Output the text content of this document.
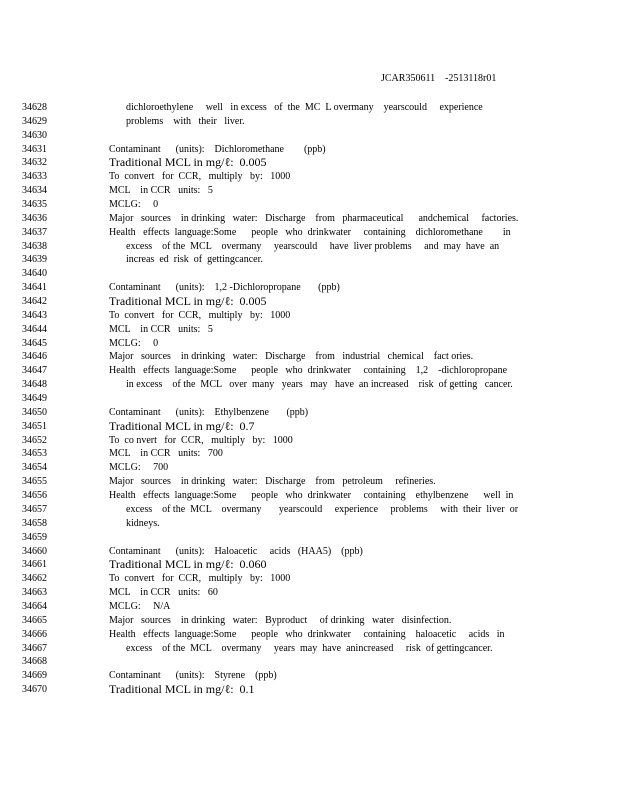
JCAR350611    -2513118r01
34628	dichloroethylene     well   in excess   of  the  MC  L overmany    yearscould     experience
34629	problems    with   their   liver.
34630
34631	Contaminant      (units):    Dichloromethane        (ppb)
34632	Traditional MCL in mg/ℓ:  0.005
34633	To  convert   for  CCR,   multiply   by:   1000
34634	MCL    in CCR   units:   5
34635	MCLG:     0
34636	Major   sources    in drinking   water:   Discharge    from   pharmaceutical      andchemical     factories.
34637	Health   effects  language:Some      people   who  drinkwater     containing    dichloromethane        in
34638	excess    of the  MCL    overmany     yearscould     have  liver problems     and  may  have  an
34639	increas  ed  risk  of  gettingcancer.
34640
34641	Contaminant      (units):    1,2 -Dichloropropane       (ppb)
34642	Traditional MCL in mg/ℓ:  0.005
34643	To  convert   for  CCR,   multiply   by:   1000
34644	MCL    in CCR   units:   5
34645	MCLG:     0
34646	Major   sources    in drinking   water:   Discharge    from   industrial   chemical    fact ories.
34647	Health   effects  language:Some      people   who  drinkwater     containing    1,2    -dichloropropane
34648	in excess    of the  MCL   over  many   years   may   have  an increased    risk  of getting   cancer.
34649
34650	Contaminant      (units):    Ethylbenzene       (ppb)
34651	Traditional MCL in mg/ℓ:  0.7
34652	To  co nvert   for  CCR,   multiply   by:   1000
34653	MCL    in CCR   units:   700
34654	MCLG:     700
34655	Major   sources    in drinking   water:   Discharge    from   petroleum     refineries.
34656	Health   effects  language:Some      people   who  drinkwater     containing    ethylbenzene      well  in
34657	excess    of the  MCL    overmany       yearscould     experience     problems     with  their  liver  or
34658	kidneys.
34659
34660	Contaminant      (units):    Haloacetic     acids   (HAA5)    (ppb)
34661	Traditional MCL in mg/ℓ:  0.060
34662	To  convert   for  CCR,   multiply   by:   1000
34663	MCL    in CCR   units:   60
34664	MCLG:     N/A
34665	Major   sources    in drinking   water:   Byproduct     of drinking   water   disinfection.
34666	Health   effects  language:Some      people   who  drinkwater     containing    haloacetic     acids   in
34667	excess    of the  MCL    overmany     years  may  have  anincreased     risk  of gettingcancer.
34668
34669	Contaminant      (units):    Styrene    (ppb)
34670	Traditional MCL in mg/ℓ:  0.1
